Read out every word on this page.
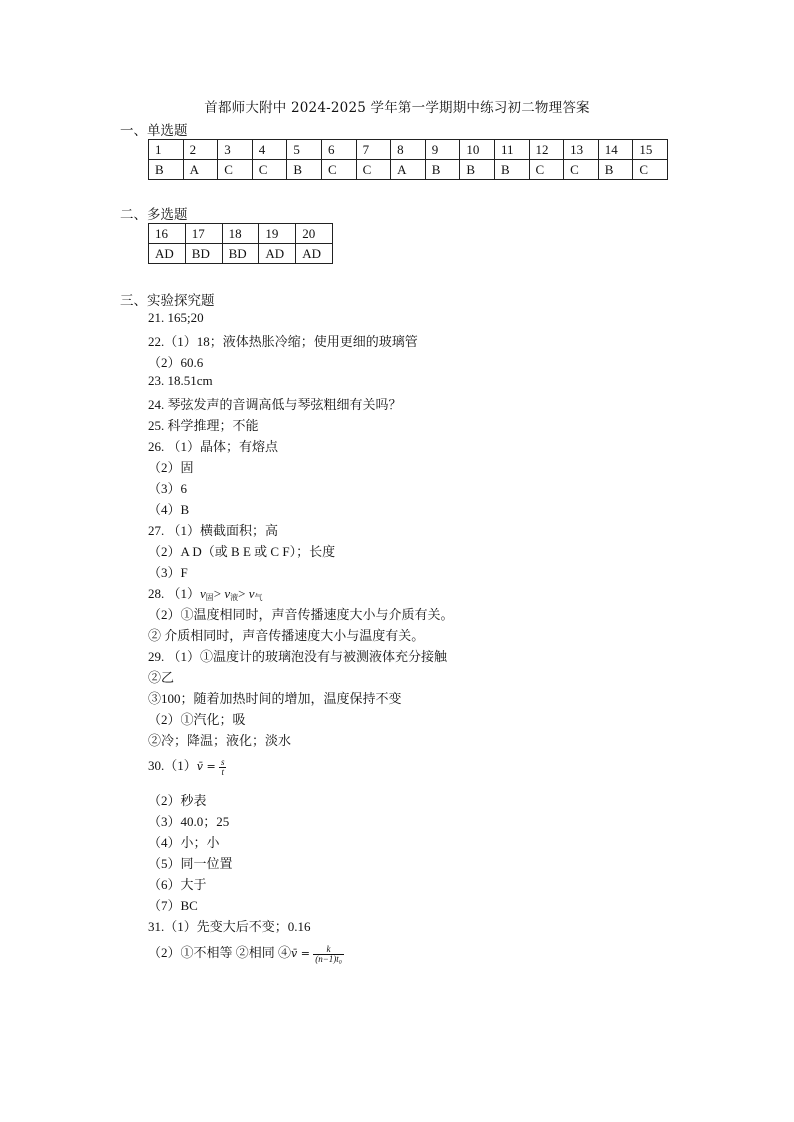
首都师大附中 2024-2025 学年第一学期期中练习初二物理答案
一、单选题
1	2	3	4	5	6	7	8	9	10	11	12	13	14	15
B	A	C	C	B	C	C	A	B	B	B	C	C	B	C
二、多选题
16	17	18	19	20
AD	BD	BD	AD	AD
三、实验探究题
21. 165;20
22.（1）18；液体热胀冷缩；使用更细的玻璃管
（2）60.6
23. 18.51cm
24. 琴弦发声的音调高低与琴弦粗细有关吗？
25. 科学推理；不能
26. （1）晶体；有熔点
（2）固
（3）6
（4）B
27. （1）横截面积；高
（2）A D（或 B E 或 C F）；长度
（3）F
28. $(1)v_固> v_液> v_气$
（2）①温度相同时，声音传播速度大小与介质有关。
② 介质相同时，声音传播速度大小与温度有关。
29. （1）①温度计的玻璃泡没有与被测液体充分接触
②乙
③100；随着加热时间的增加，温度保持不变
（2）①汽化；吸
②冷；降温；液化；淡水
30.（1）v̄ = $\frac{s}{t}$
（2）秒表
（3）40.0；25
（4）小；小
（5）同一位置
（6）大于
（7）BC
31.（1）先变大后不变；0.16
（2）①不相等 ②相同 ④v̄ = $\frac{k}{\text{(n−1)t₀}}$
